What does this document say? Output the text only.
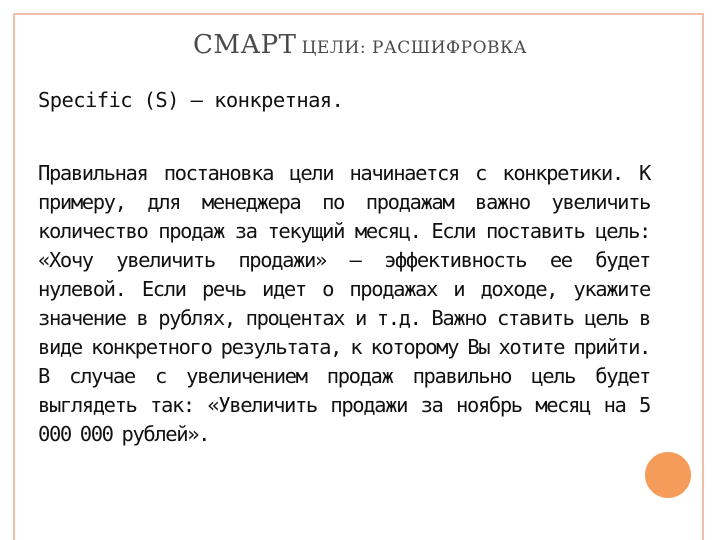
СМАРТ ЦЕЛИ: РАСШИФРОВКА
Specific (S) – конкретная.
Правильная постановка цели начинается с конкретики. К примеру, для менеджера по продажам важно увеличить количество продаж за текущий месяц. Если поставить цель: «Хочу увеличить продажи» — эффективность ее будет нулевой. Если речь идет о продажах и доходе, укажите значение в рублях, процентах и т.д. Важно ставить цель в виде конкретного результата, к которому Вы хотите прийти. В случае с увеличением продаж правильно цель будет выглядеть так: «Увеличить продажи за ноябрь месяц на 5 000 000 рублей».
